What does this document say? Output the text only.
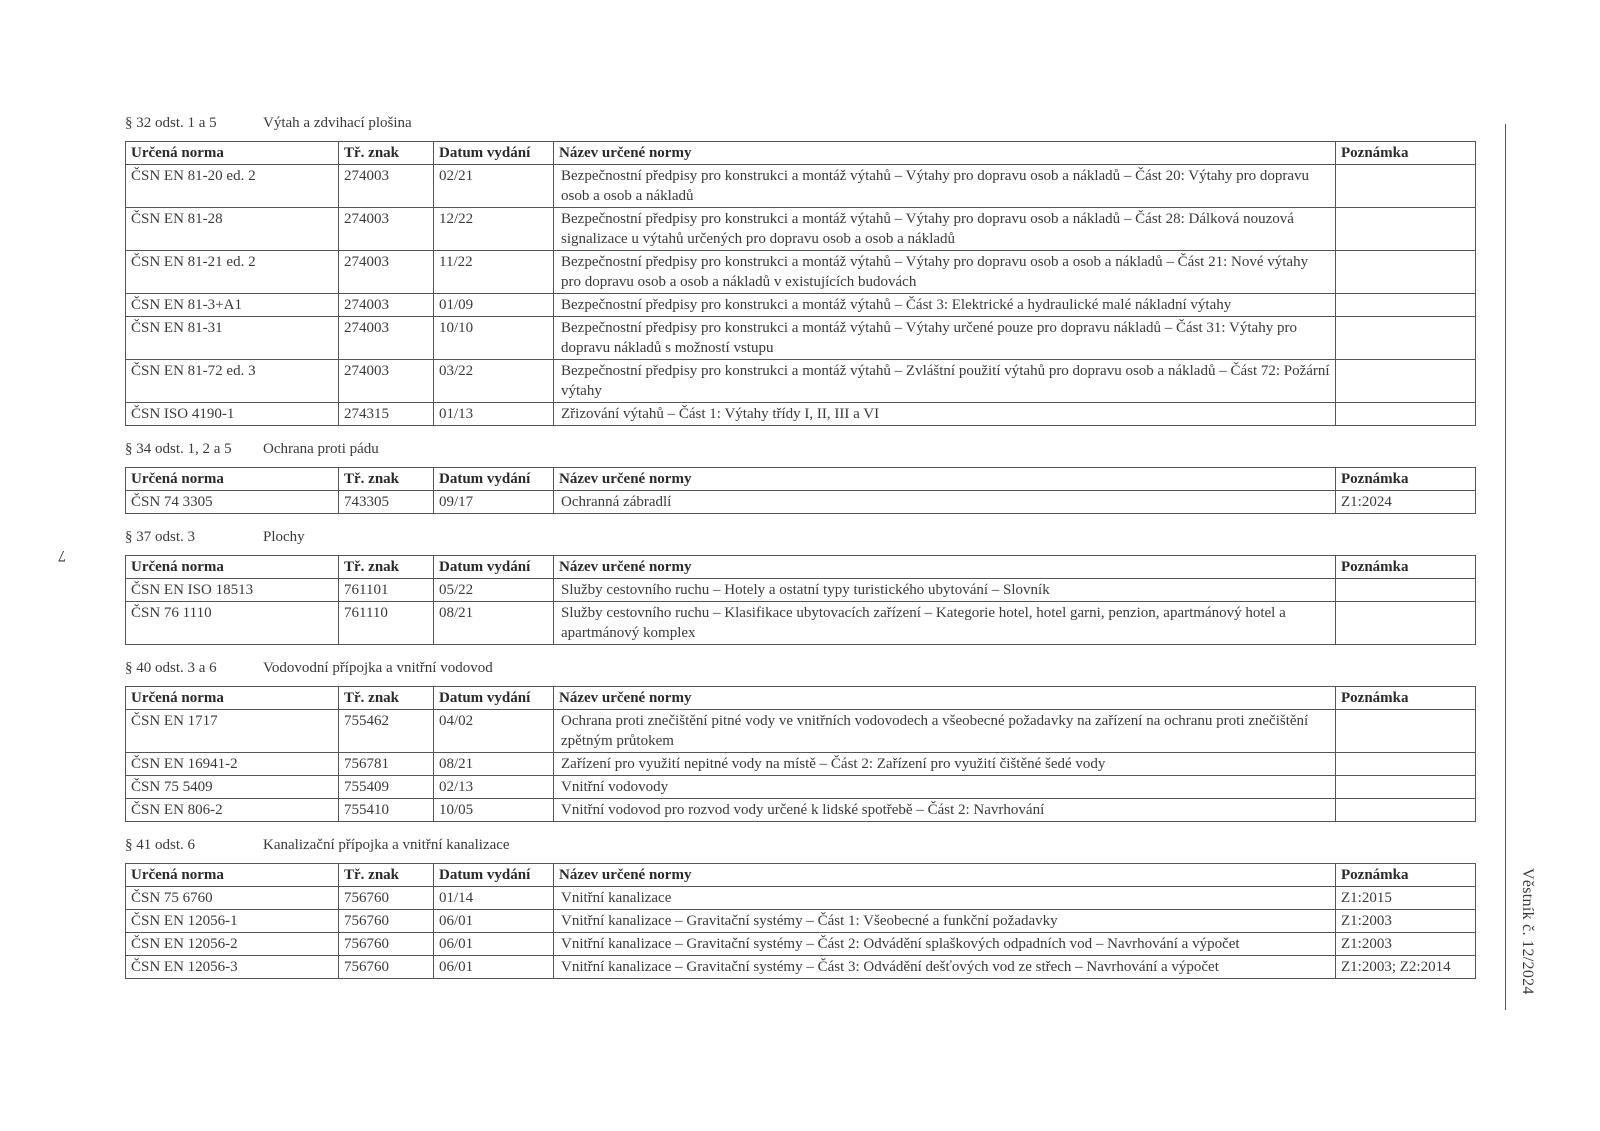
§ 32 odst. 1 a 5	Výtah a zdvihací plošina
Určená norma	Tř. znak	Datum vydání	Název určené normy	Poznámka
ČSN EN 81-20 ed. 2	274003	02/21	Bezpečnostní předpisy pro konstrukci a montáž výtahů – Výtahy pro dopravu osob a nákladů – Část 20: Výtahy pro dopravu osob a osob a nákladů	
ČSN EN 81-28	274003	12/22	Bezpečnostní předpisy pro konstrukci a montáž výtahů – Výtahy pro dopravu osob a nákladů – Část 28: Dálková nouzová signalizace u výtahů určených pro dopravu osob a osob a nákladů	
ČSN EN 81-21 ed. 2	274003	11/22	Bezpečnostní předpisy pro konstrukci a montáž výtahů – Výtahy pro dopravu osob a osob a nákladů – Část 21: Nové výtahy pro dopravu osob a osob a nákladů v existujících budovách	
ČSN EN 81-3+A1	274003	01/09	Bezpečnostní předpisy pro konstrukci a montáž výtahů – Část 3: Elektrické a hydraulické malé nákladní výtahy	
ČSN EN 81-31	274003	10/10	Bezpečnostní předpisy pro konstrukci a montáž výtahů – Výtahy určené pouze pro dopravu nákladů – Část 31: Výtahy pro dopravu nákladů s možností vstupu	
ČSN EN 81-72 ed. 3	274003	03/22	Bezpečnostní předpisy pro konstrukci a montáž výtahů – Zvláštní použití výtahů pro dopravu osob a nákladů – Část 72: Požární výtahy	
ČSN ISO 4190-1	274315	01/13	Zřizování výtahů – Část 1: Výtahy třídy I, II, III a VI	
§ 34 odst. 1, 2 a 5 Ochrana proti pádu
Určená norma	Tř. znak	Datum vydání	Název určené normy	Poznámka
ČSN 74 3305	743305	09/17	Ochranná zábradlí	Z1:2024
§ 37 odst. 3	Plochy
Určená norma	Tř. znak	Datum vydání	Název určené normy	Poznámka
ČSN EN ISO 18513	761101	05/22	Služby cestovního ruchu – Hotely a ostatní typy turistického ubytování – Slovník	
ČSN 76 1110	761110	08/21	Služby cestovního ruchu – Klasifikace ubytovacích zařízení – Kategorie hotel, hotel garni, penzion, apartmánový hotel a apartmánový komplex	
§ 40 odst. 3 a 6	Vodovodní přípojka a vnitřní vodovod
Určená norma	Tř. znak	Datum vydání	Název určené normy	Poznámka
ČSN EN 1717	755462	04/02	Ochrana proti znečištění pitné vody ve vnitřních vodovodech a všeobecné požadavky na zařízení na ochranu proti znečištění zpětným průtokem	
ČSN EN 16941-2	756781	08/21	Zařízení pro využití nepitné vody na místě – Část 2: Zařízení pro využití čištěné šedé vody	
ČSN 75 5409	755409	02/13	Vnitřní vodovody	
ČSN EN 806-2	755410	10/05	Vnitřní vodovod pro rozvod vody určené k lidské spotřebě – Část 2: Navrhování	
§ 41 odst. 6	Kanalizační přípojka a vnitřní kanalizace
Určená norma	Tř. znak	Datum vydání	Název určené normy	Poznámka
ČSN 75 6760	756760	01/14	Vnitřní kanalizace	Z1:2015
ČSN EN 12056-1	756760	06/01	Vnitřní kanalizace – Gravitační systémy – Část 1: Všeobecné a funkční požadavky	Z1:2003
ČSN EN 12056-2	756760	06/01	Vnitřní kanalizace – Gravitační systémy – Část 2: Odvádění splaškových odpadních vod – Navrhování a výpočet	Z1:2003
ČSN EN 12056-3	756760	06/01	Vnitřní kanalizace – Gravitační systémy – Část 3: Odvádění dešťových vod ze střech – Navrhování a výpočet	Z1:2003; Z2:2014
7
Věstník č. 12/2024
